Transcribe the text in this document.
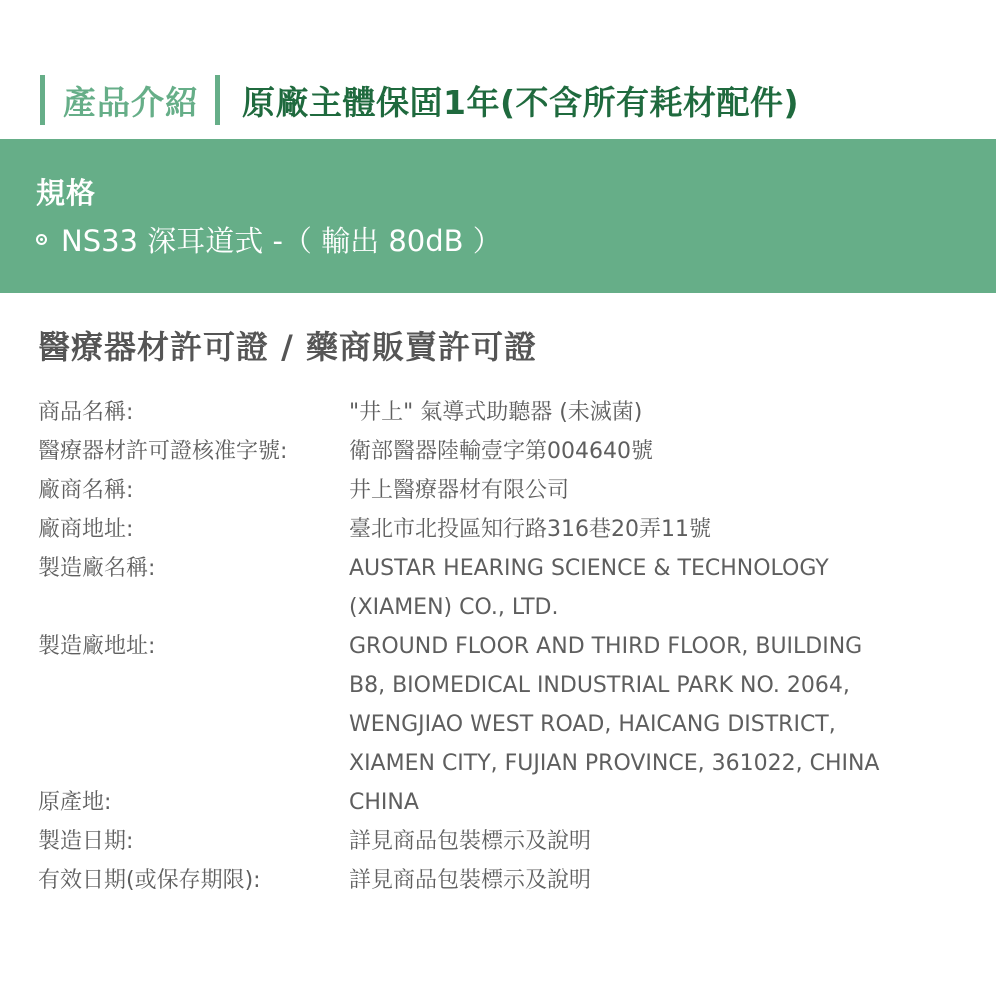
產品介紹 原廠主體保固1年(不含所有耗材配件)
規格
NS33 深耳道式 -（ 輸出 80dB ）
醫療器材許可證 / 藥商販賣許可證
商品名稱:	"井上" 氣導式助聽器 (未滅菌)
醫療器材許可證核准字號:	衛部醫器陸輸壹字第004640號
廠商名稱:	井上醫療器材有限公司
廠商地址:	臺北市北投區知行路316巷20弄11號
製造廠名稱:	AUSTAR HEARING SCIENCE & TECHNOLOGY
(XIAMEN) CO., LTD.
製造廠地址:	GROUND FLOOR AND THIRD FLOOR, BUILDING
B8, BIOMEDICAL INDUSTRIAL PARK NO. 2064,
WENGJIAO WEST ROAD, HAICANG DISTRICT,
XIAMEN CITY, FUJIAN PROVINCE, 361022, CHINA
原產地:	CHINA
製造日期:	詳見商品包裝標示及說明
有效日期(或保存期限):	詳見商品包裝標示及說明
